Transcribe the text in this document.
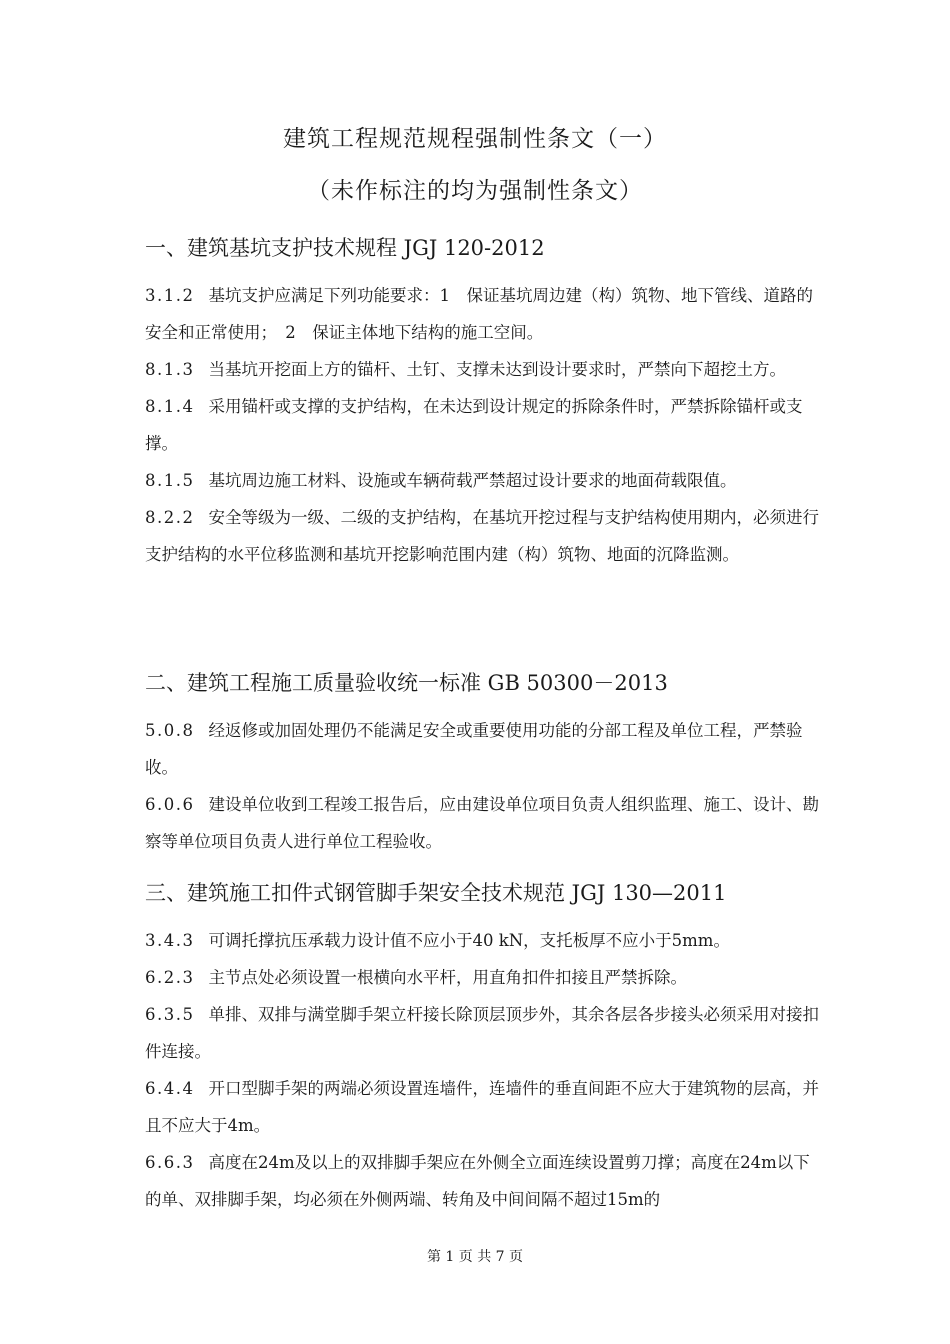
建筑工程规范规程强制性条文（一）
（未作标注的均为强制性条文）
一、建筑基坑支护技术规程 JGJ 120-2012

3.1.2 基坑支护应满足下列功能要求：1　保证基坑周边建（构）筑物、地下管线、道路的安全和正常使用；　2　保证主体地下结构的施工空间。

8.1.3 当基坑开挖面上方的锚杆、土钉、支撑未达到设计要求时，严禁向下超挖土方。

8.1.4 采用锚杆或支撑的支护结构，在未达到设计规定的拆除条件时，严禁拆除锚杆或支撑。

8.1.5 基坑周边施工材料、设施或车辆荷载严禁超过设计要求的地面荷载限值。

8.2.2 安全等级为一级、二级的支护结构，在基坑开挖过程与支护结构使用期内，必须进行支护结构的水平位移监测和基坑开挖影响范围内建（构）筑物、地面的沉降监测。

二、建筑工程施工质量验收统一标准 GB 50300－2013

5.0.8 经返修或加固处理仍不能满足安全或重要使用功能的分部工程及单位工程，严禁验收。

6.0.6 建设单位收到工程竣工报告后，应由建设单位项目负责人组织监理、施工、设计、勘察等单位项目负责人进行单位工程验收。

三、建筑施工扣件式钢管脚手架安全技术规范 JGJ 130—2011

3.4.3 可调托撑抗压承载力设计值不应小于40 kN，支托板厚不应小于5mm。

6.2.3 主节点处必须设置一根横向水平杆，用直角扣件扣接且严禁拆除。

6.3.5 单排、双排与满堂脚手架立杆接长除顶层顶步外，其余各层各步接头必须采用对接扣件连接。

6.4.4 开口型脚手架的两端必须设置连墙件，连墙件的垂直间距不应大于建筑物的层高，并且不应大于4m。

6.6.3 高度在24m及以上的双排脚手架应在外侧全立面连续设置剪刀撑；高度在24m以下的单、双排脚手架，均必须在外侧两端、转角及中间间隔不超过15m的

第 1 页 共 7 页
